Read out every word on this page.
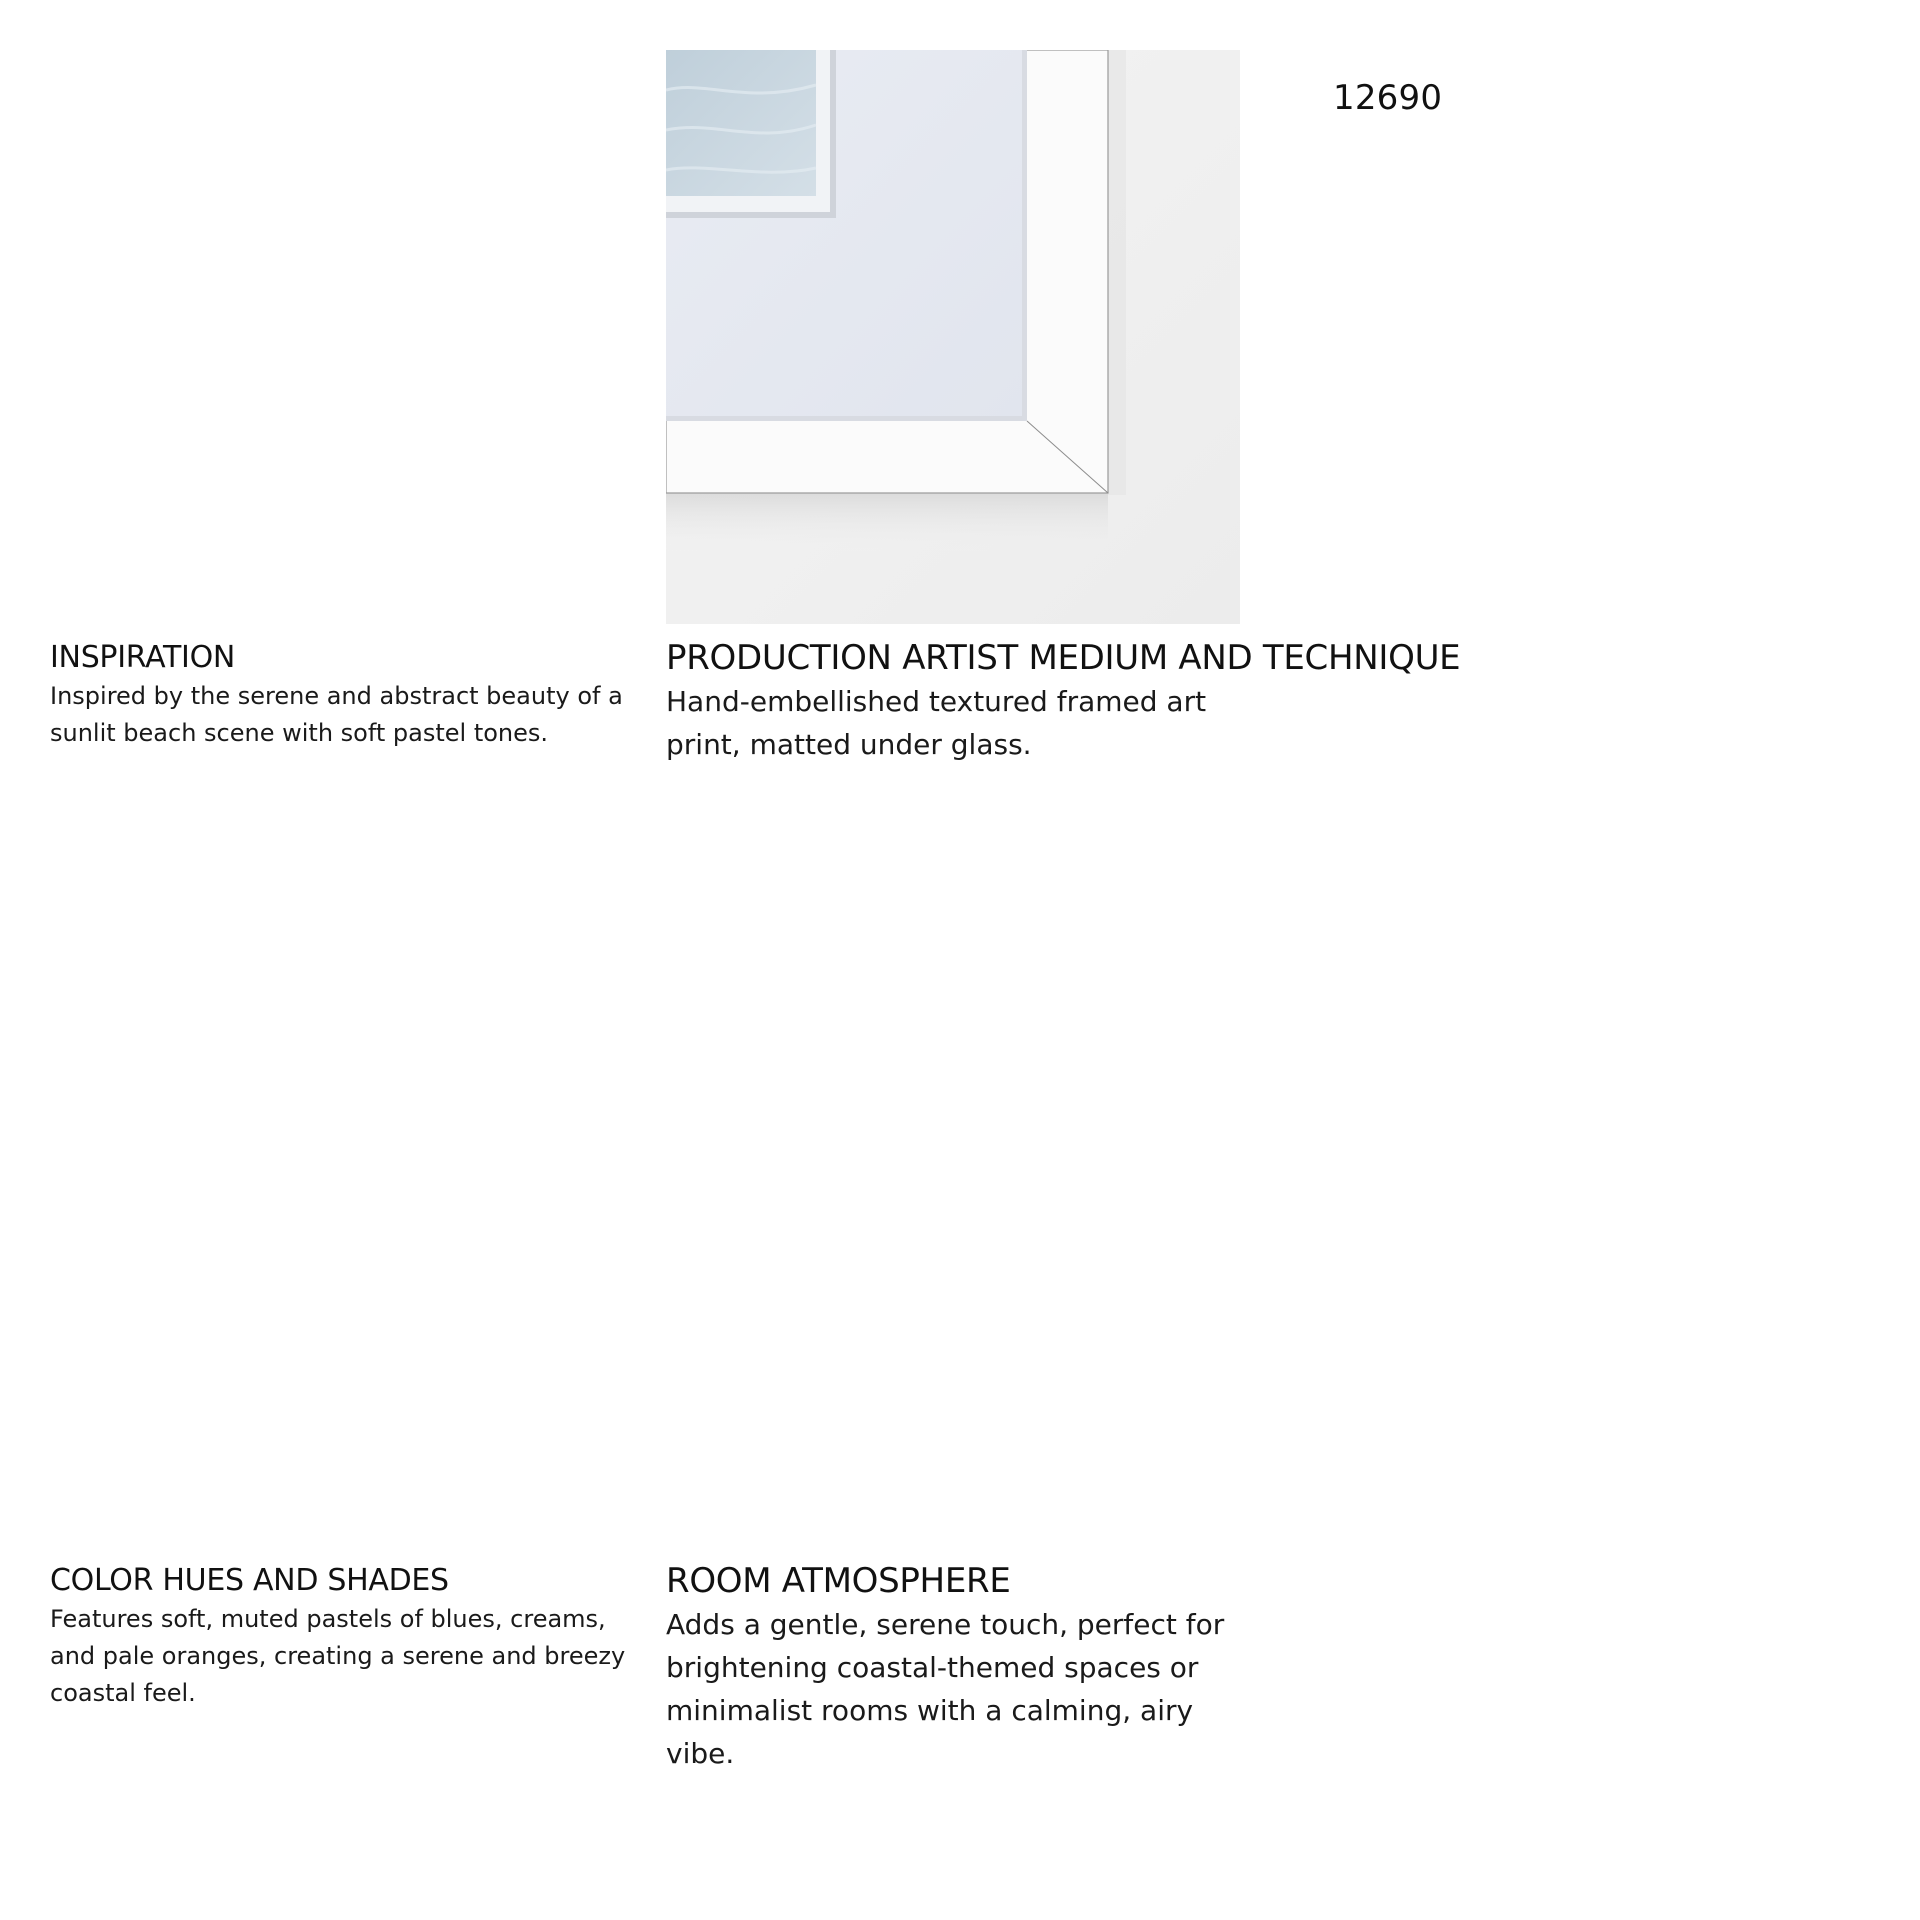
12690
INSPIRATION

Inspired by the serene and abstract beauty of a sunlit beach scene with soft pastel tones.

PRODUCTION ARTIST MEDIUM AND TECHNIQUE

Hand-embellished textured framed art print, matted under glass.

COLOR HUES AND SHADES

Features soft, muted pastels of blues, creams, and pale oranges, creating a serene and breezy coastal feel.

ROOM ATMOSPHERE

Adds a gentle, serene touch, perfect for brightening coastal-themed spaces or minimalist rooms with a calming, airy vibe.
